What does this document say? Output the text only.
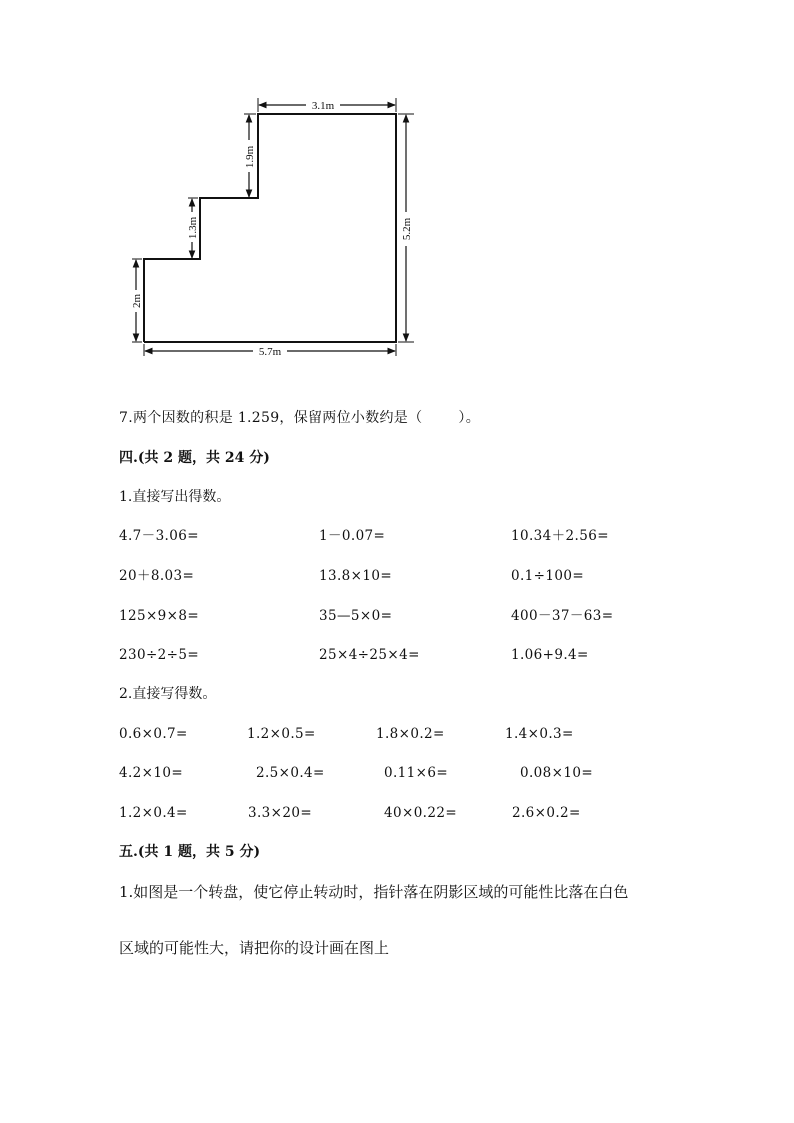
3.1m
5.2m
5.7m
2m
1.3m
1.9m
7.两个因数的积是 1.259，保留两位小数约是（	）。
四.(共 2 题，共 24 分)
1.直接写出得数。
4.7－3.06=	1－0.07=	10.34＋2.56=
20＋8.03=	13.8×10=	0.1÷100=
125×9×8=	35—5×0=	400－37－63=
230÷2÷5=	25×4÷25×4=	1.06+9.4=
2.直接写得数。
0.6×0.7=	1.2×0.5=	1.8×0.2=	1.4×0.3=
4.2×10=	2.5×0.4=	0.11×6=	0.08×10=
1.2×0.4=	3.3×20=	40×0.22=	2.6×0.2=
五.(共 1 题，共 5 分)
1.如图是一个转盘，使它停止转动时，指针落在阴影区域的可能性比落在白色
区域的可能性大，请把你的设计画在图上
